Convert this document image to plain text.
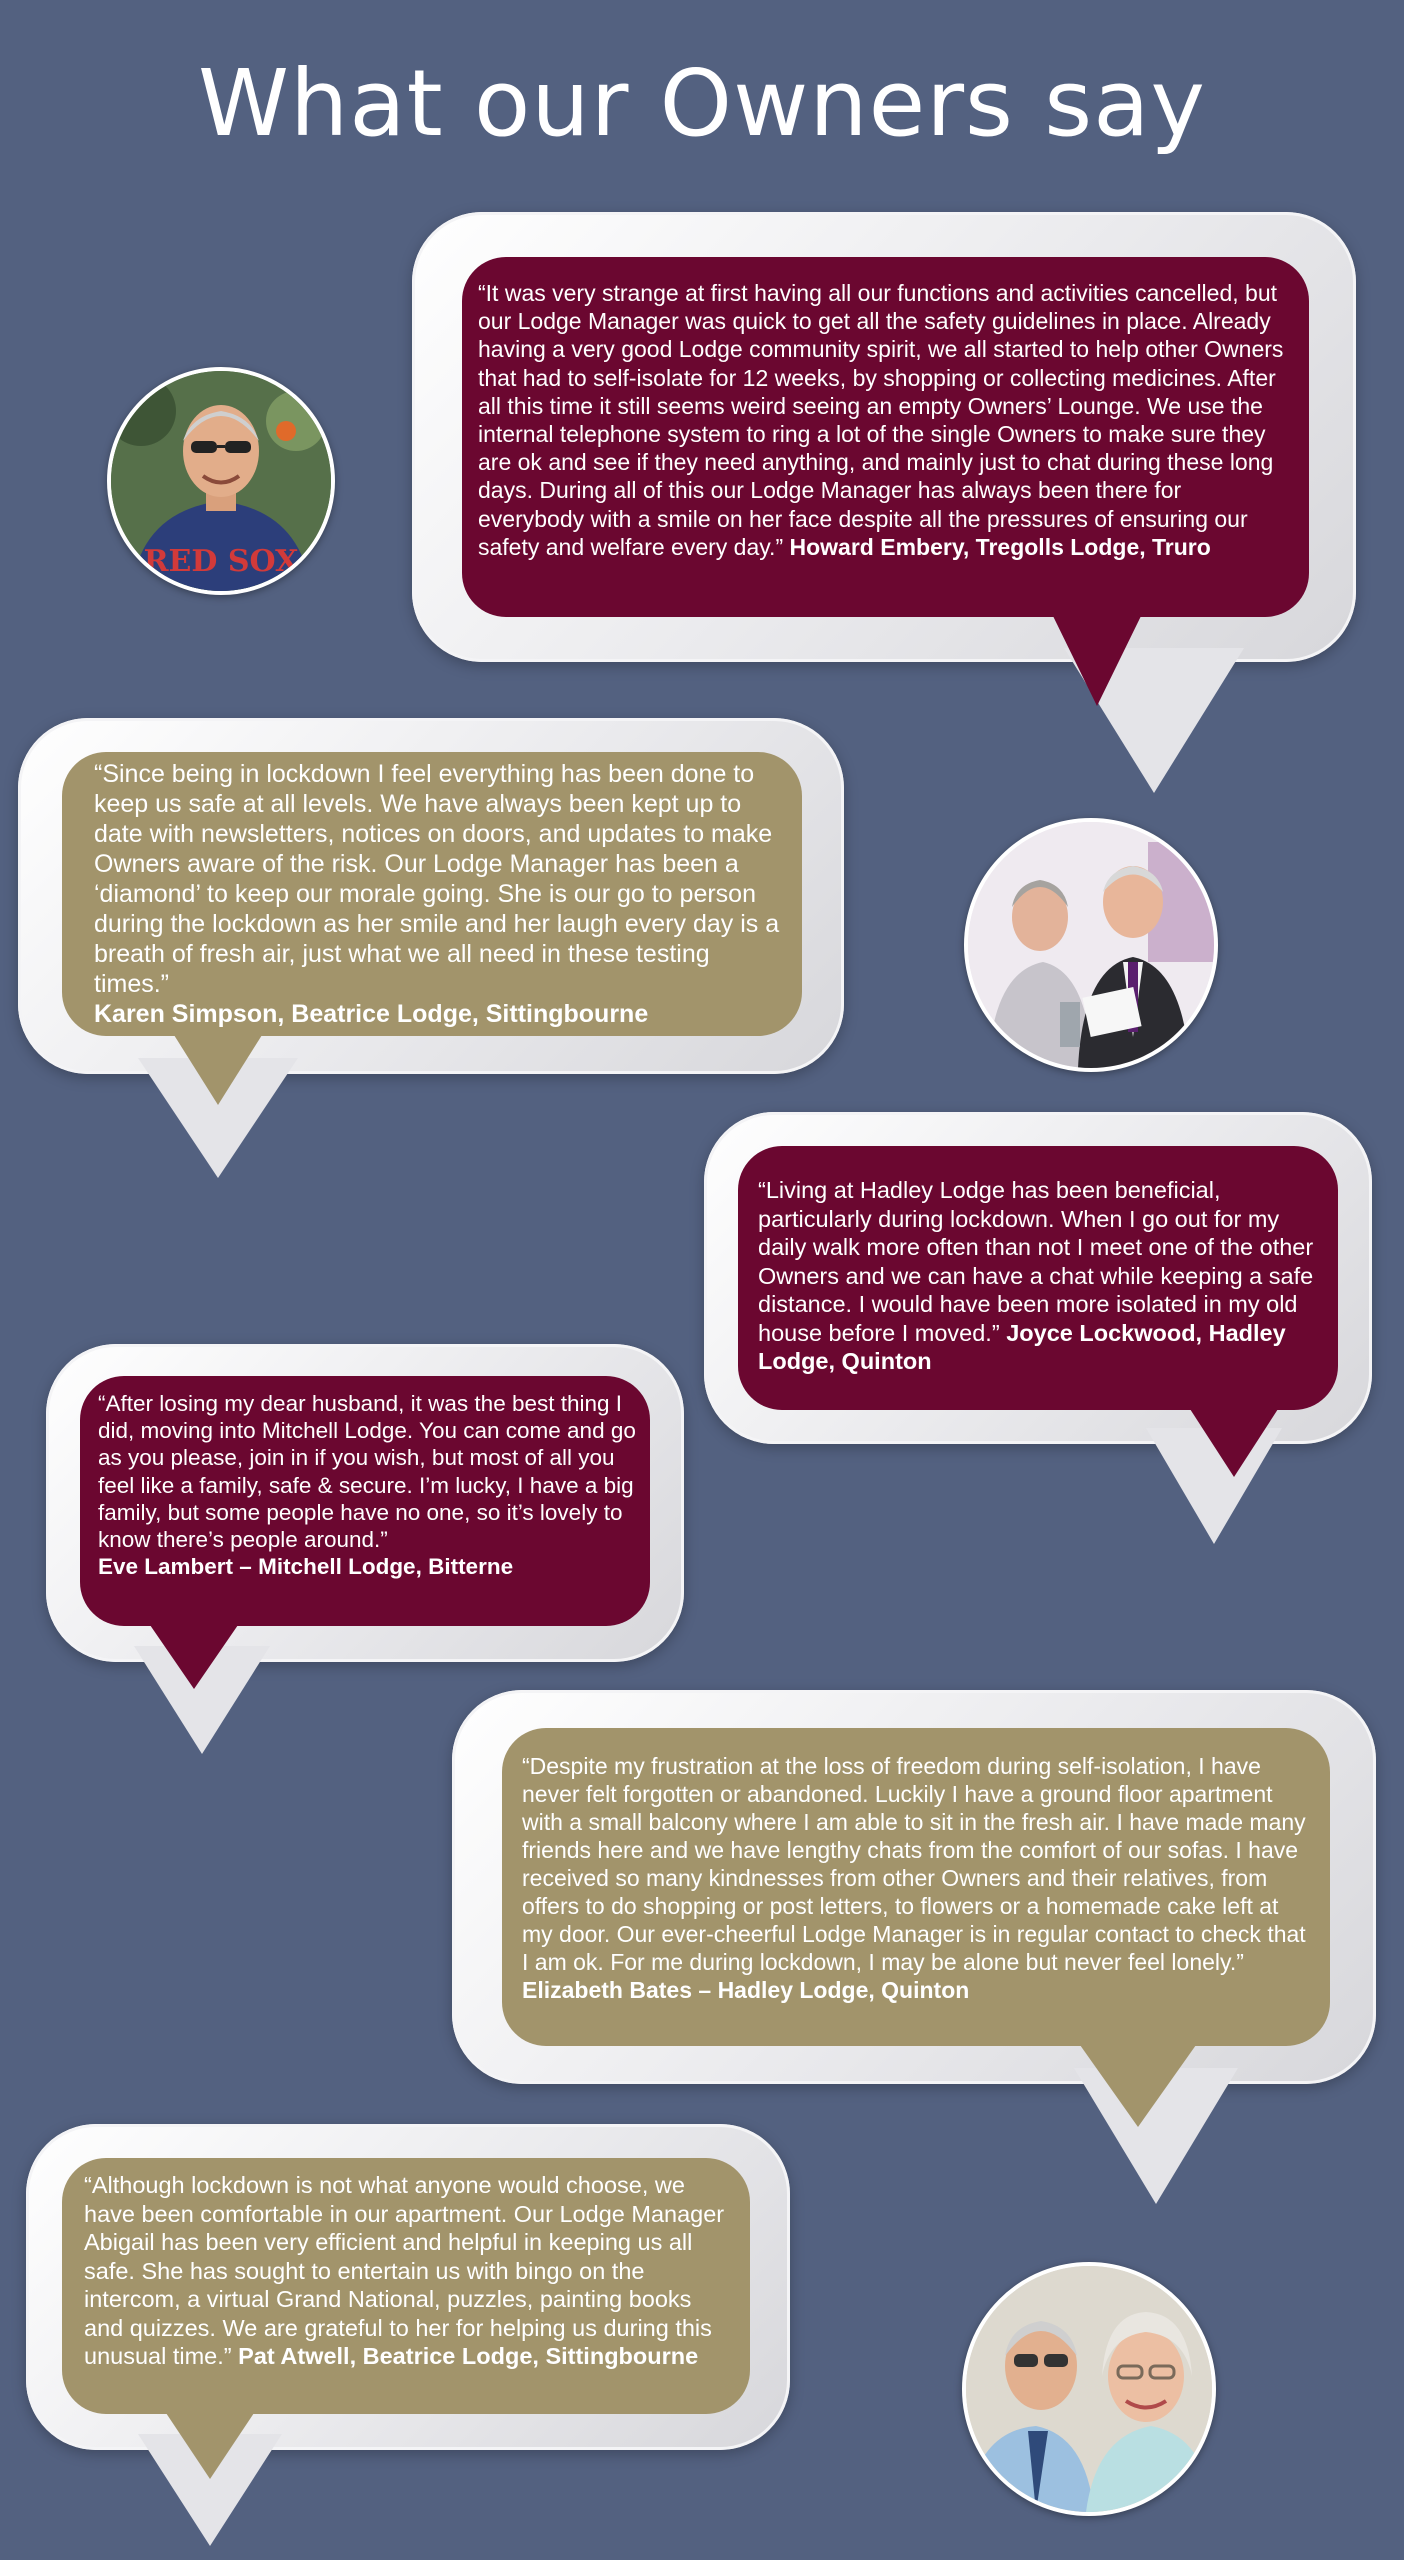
What our Owners say
“It was very strange at first having all our functions and activities cancelled, but our Lodge Manager was quick to get all the safety guidelines in place. Already having a very good Lodge community spirit, we all started to help other Owners that had to self-isolate for 12 weeks, by shopping or collecting medicines. After all this time it still seems weird seeing an empty Owners’ Lounge. We use the internal telephone system to ring a lot of the single Owners to make sure they are ok and see if they need anything, and mainly just to chat during these long days. During all of this our Lodge Manager has always been there for everybody with a smile on her face despite all the pressures of ensuring our safety and welfare every day.” Howard Embery, Tregolls Lodge, Truro
RED SOX
“Since being in lockdown I feel everything has been done to keep us safe at all levels. We have always been kept up to date with newsletters, notices on doors, and updates to make Owners aware of the risk. Our Lodge Manager has been a ‘diamond’ to keep our morale going. She is our go to person during the lockdown as her smile and her laugh every day is a breath of fresh air, just what we all need in these testing times.”
Karen Simpson, Beatrice Lodge, Sittingbourne
“Living at Hadley Lodge has been beneficial, particularly during lockdown. When I go out for my daily walk more often than not I meet one of the other Owners and we can have a chat while keeping a safe distance. I would have been more isolated in my old house before I moved.” Joyce Lockwood, Hadley Lodge, Quinton
“After losing my dear husband, it was the best thing I did, moving into Mitchell Lodge. You can come and go as you please, join in if you wish, but most of all you feel like a family, safe & secure. I’m lucky, I have a big family, but some people have no one, so it’s lovely to know there’s people around.”
Eve Lambert – Mitchell Lodge, Bitterne
“Despite my frustration at the loss of freedom during self-isolation, I have never felt forgotten or abandoned. Luckily I have a ground floor apartment with a small balcony where I am able to sit in the fresh air. I have made many friends here and we have lengthy chats from the comfort of our sofas. I have received so many kindnesses from other Owners and their relatives, from offers to do shopping or post letters, to flowers or a homemade cake left at my door. Our ever-cheerful Lodge Manager is in regular contact to check that I am ok. For me during lockdown, I may be alone but never feel lonely.”
Elizabeth Bates – Hadley Lodge, Quinton
“Although lockdown is not what anyone would choose, we have been comfortable in our apartment. Our Lodge Manager Abigail has been very efficient and helpful in keeping us all safe. She has sought to entertain us with bingo on the intercom, a virtual Grand National, puzzles, painting books and quizzes. We are grateful to her for helping us during this unusual time.” Pat Atwell, Beatrice Lodge, Sittingbourne
